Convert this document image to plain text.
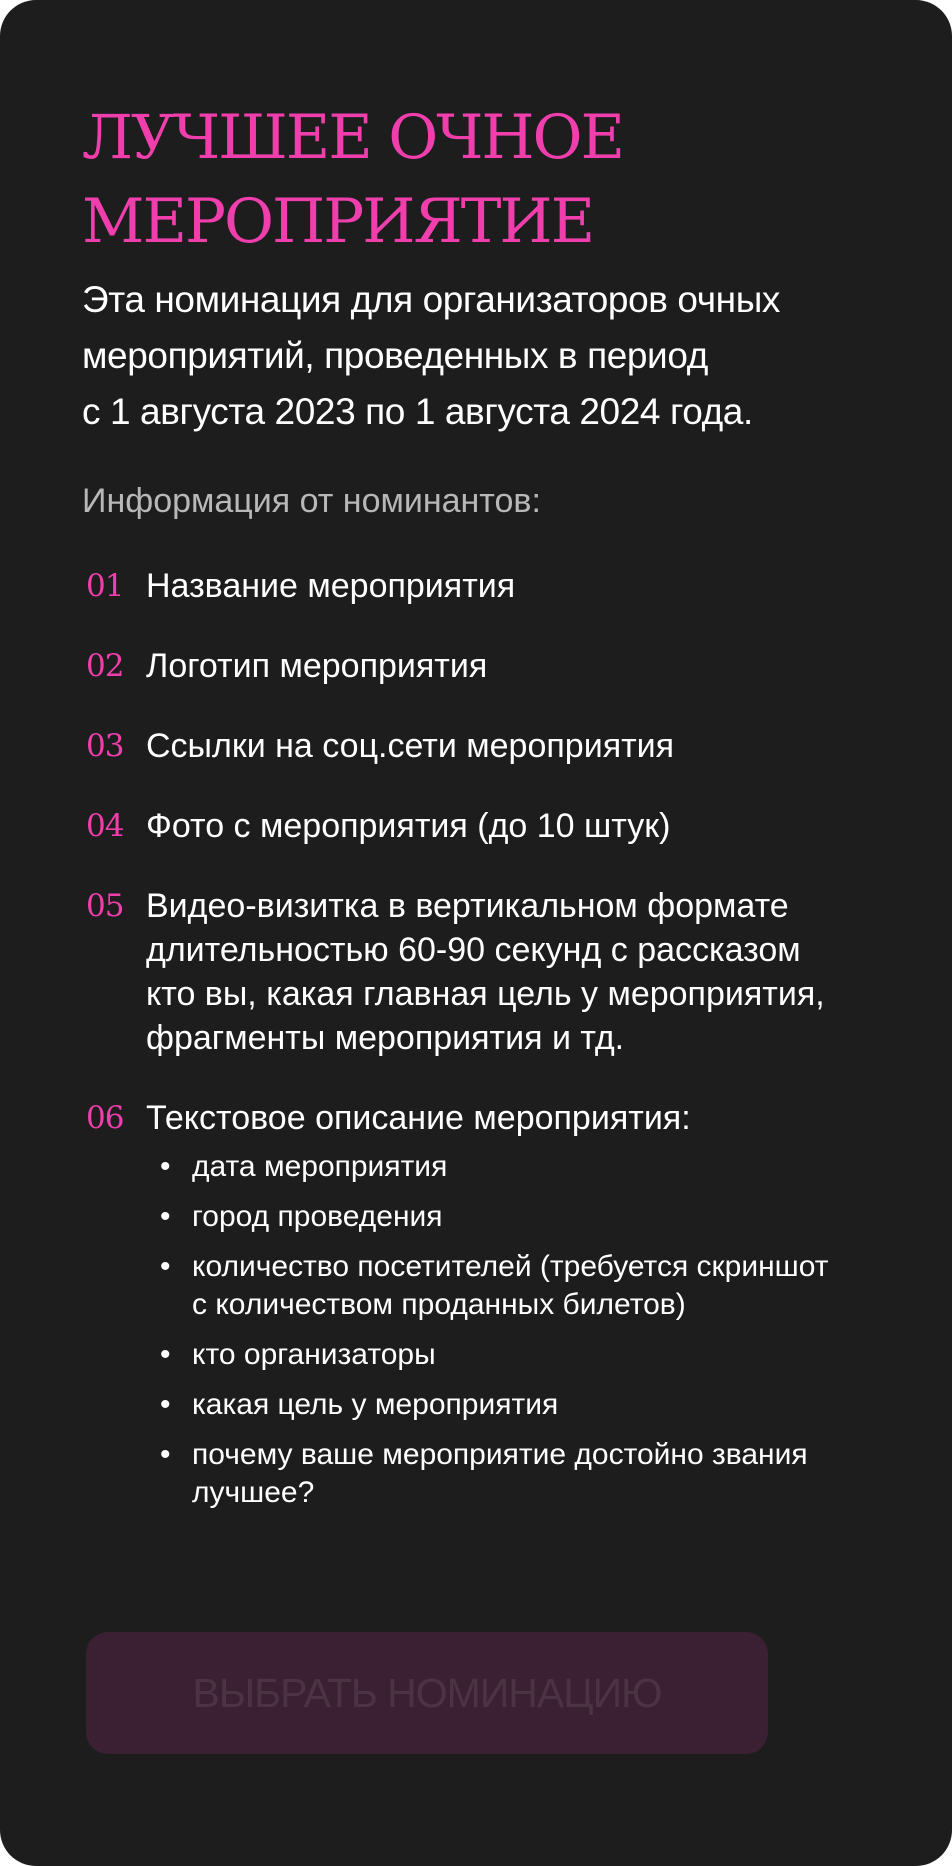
ЛУЧШЕЕ ОЧНОЕ
МЕРОПРИЯТИЕ

Эта номинация для организаторов очных
мероприятий, проведенных в период
с 1 августа 2023 по 1 августа 2024 года.

Информация от номинантов:

01 Название мероприятия
02 Логотип мероприятия
03 Ссылки на соц.сети мероприятия
04 Фото с мероприятия (до 10 штук)
05 Видео-визитка в вертикальном формате
длительностью 60-90 секунд с рассказом
кто вы, какая главная цель у мероприятия,
фрагменты мероприятия и тд.
06 Текстовое описание мероприятия:
• дата мероприятия
• город проведения
• количество посетителей (требуется скриншот
с количеством проданных билетов)
• кто организаторы
• какая цель у мероприятия
• почему ваше мероприятие достойно звания
лучшее?
ВЫБРАТЬ НОМИНАЦИЮ
